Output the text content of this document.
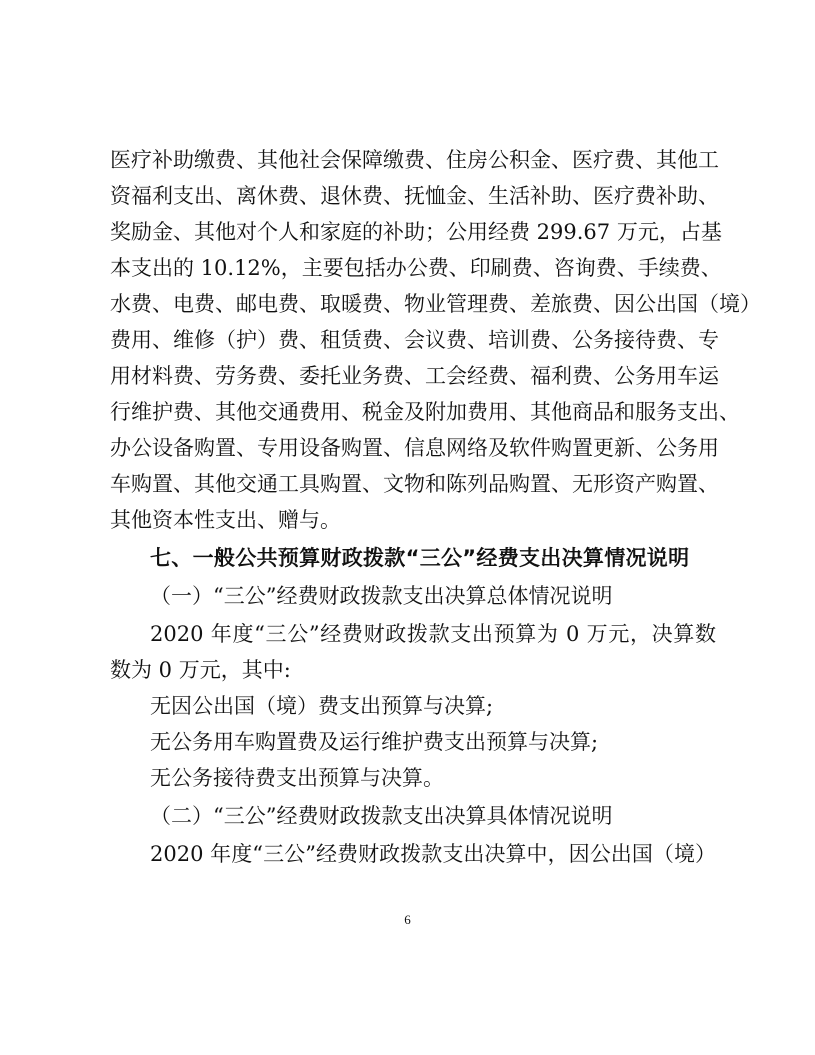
医疗补助缴费、其他社会保障缴费、住房公积金、医疗费、其他工
资福利支出、离休费、退休费、抚恤金、生活补助、医疗费补助、
奖励金、其他对个人和家庭的补助；公用经费 299.67 万元，占基
本支出的 10.12%，主要包括办公费、印刷费、咨询费、手续费、
水费、电费、邮电费、取暖费、物业管理费、差旅费、因公出国（境）
费用、维修（护）费、租赁费、会议费、培训费、公务接待费、专
用材料费、劳务费、委托业务费、工会经费、福利费、公务用车运
行维护费、其他交通费用、税金及附加费用、其他商品和服务支出、
办公设备购置、专用设备购置、信息网络及软件购置更新、公务用
车购置、其他交通工具购置、文物和陈列品购置、无形资产购置、
其他资本性支出、赠与。
七、一般公共预算财政拨款“三公”经费支出决算情况说明
（一）“三公”经费财政拨款支出决算总体情况说明
2020 年度“三公”经费财政拨款支出预算为 0 万元，决算数
数为 0 万元，其中:
无因公出国（境）费支出预算与决算;
无公务用车购置费及运行维护费支出预算与决算;
无公务接待费支出预算与决算。
（二）“三公”经费财政拨款支出决算具体情况说明
2020 年度“三公”经费财政拨款支出决算中，因公出国（境）
6
